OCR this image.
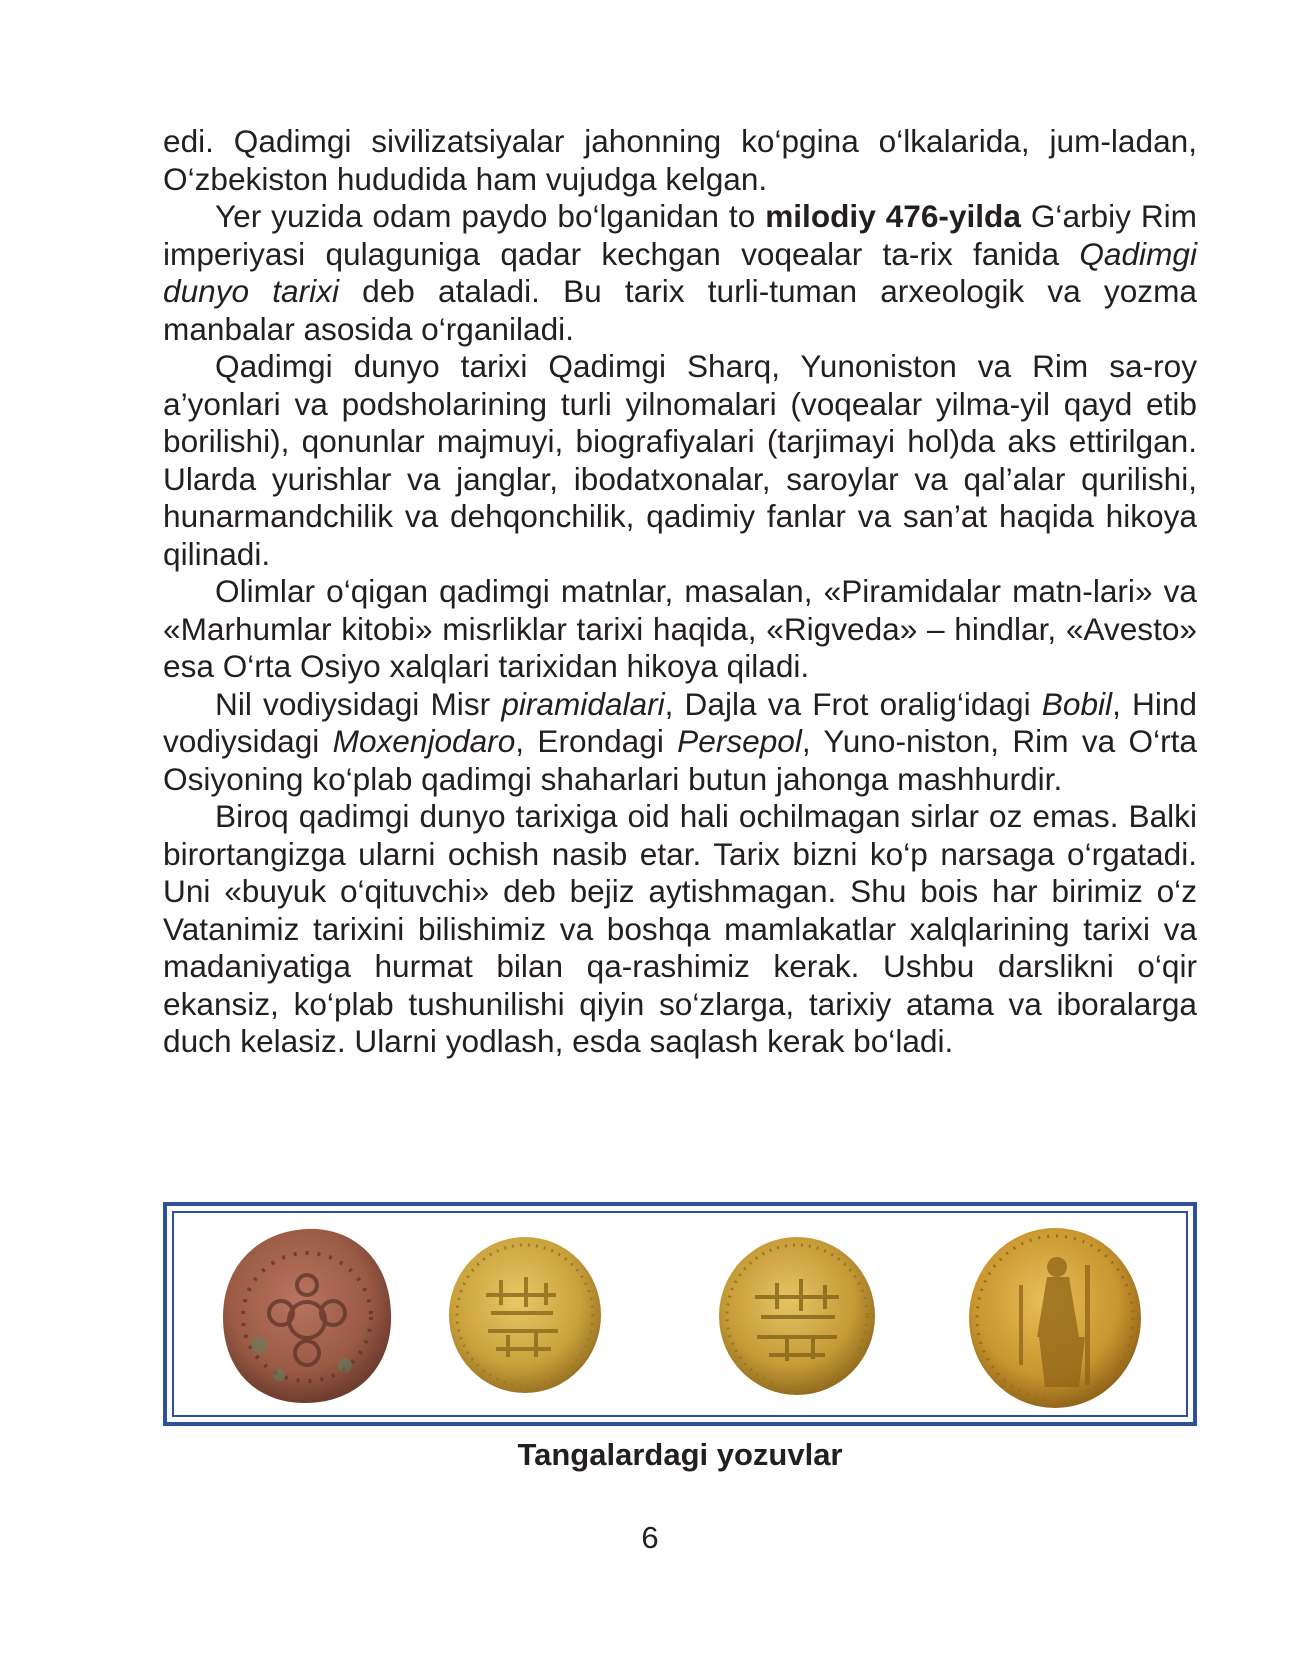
edi. Qadimgi sivilizatsiyalar jahonning ko‘pgina o‘lkalarida, jum-ladan, O‘zbekiston hududida ham vujudga kelgan.

Yer yuzida odam paydo bo‘lganidan to milodiy 476-yilda G‘arbiy Rim imperiyasi qulaguniga qadar kechgan voqealar ta-rix fanida Qadimgi dunyo tarixi deb ataladi. Bu tarix turli-tuman arxeologik va yozma manbalar asosida o‘rganiladi.

Qadimgi dunyo tarixi Qadimgi Sharq, Yunoniston va Rim sa-roy a’yonlari va podsholarining turli yilnomalari (voqealar yilma-yil qayd etib borilishi), qonunlar majmuyi, biografiyalari (tarjimayi hol)da aks ettirilgan. Ularda yurishlar va janglar, ibodatxonalar, saroylar va qal’alar qurilishi, hunarmandchilik va dehqonchilik, qadimiy fanlar va san’at haqida hikoya qilinadi.

Olimlar o‘qigan qadimgi matnlar, masalan, «Piramidalar matn-lari» va «Marhumlar kitobi» misrliklar tarixi haqida, «Rigveda» – hindlar, «Avesto» esa O‘rta Osiyo xalqlari tarixidan hikoya qiladi.

Nil vodiysidagi Misr piramidalari, Dajla va Frot oralig‘idagi Bobil, Hind vodiysidagi Moxenjodaro, Erondagi Persepol, Yuno-niston, Rim va O‘rta Osiyoning ko‘plab qadimgi shaharlari butun jahonga mashhurdir.

Biroq qadimgi dunyo tarixiga oid hali ochilmagan sirlar oz emas. Balki birortangizga ularni ochish nasib etar. Tarix bizni ko‘p narsaga o‘rgatadi. Uni «buyuk o‘qituvchi» deb bejiz aytishmagan. Shu bois har birimiz o‘z Vatanimiz tarixini bilishimiz va boshqa mamlakatlar xalqlarining tarixi va madaniyatiga hurmat bilan qa-rashimiz kerak. Ushbu darslikni o‘qir ekansiz, ko‘plab tushunilishi qiyin so‘zlarga, tarixiy atama va iboralarga duch kelasiz. Ularni yodlash, esda saqlash kerak bo‘ladi.

Tangalardagi yozuvlar
6
